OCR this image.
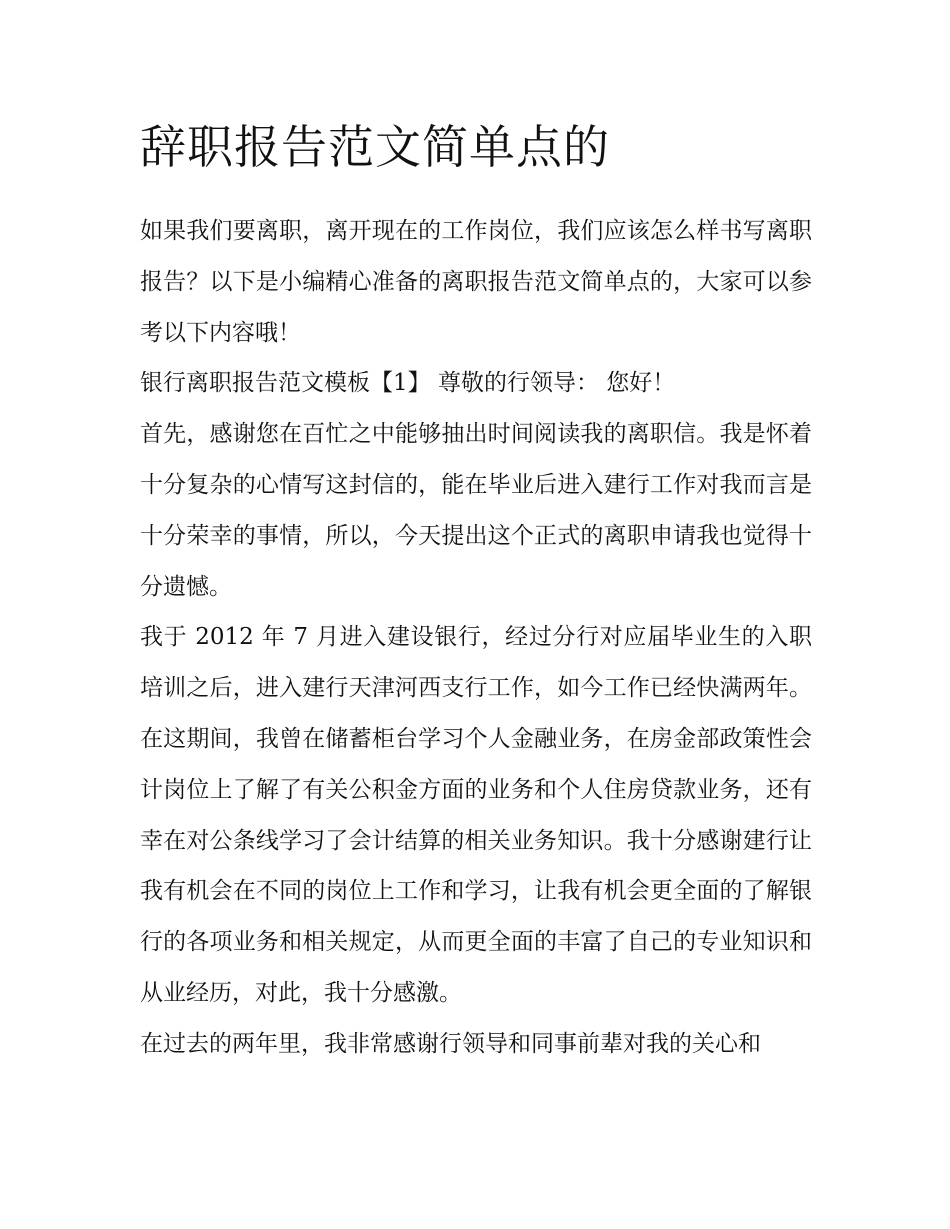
辞职报告范文简单点的

如果我们要离职，离开现在的工作岗位，我们应该怎么样书写离职报告？以下是小编精心准备的离职报告范文简单点的，大家可以参考以下内容哦！

银行离职报告范文模板【1】 尊敬的行领导： 您好！

首先，感谢您在百忙之中能够抽出时间阅读我的离职信。我是怀着十分复杂的心情写这封信的，能在毕业后进入建行工作对我而言是十分荣幸的事情，所以，今天提出这个正式的离职申请我也觉得十分遗憾。

我于 2012 年 7 月进入建设银行，经过分行对应届毕业生的入职培训之后，进入建行天津河西支行工作，如今工作已经快满两年。在这期间，我曾在储蓄柜台学习个人金融业务，在房金部政策性会计岗位上了解了有关公积金方面的业务和个人住房贷款业务，还有幸在对公条线学习了会计结算的相关业务知识。我十分感谢建行让我有机会在不同的岗位上工作和学习，让我有机会更全面的了解银行的各项业务和相关规定，从而更全面的丰富了自己的专业知识和从业经历，对此，我十分感激。

在过去的两年里，我非常感谢行领导和同事前辈对我的关心和
